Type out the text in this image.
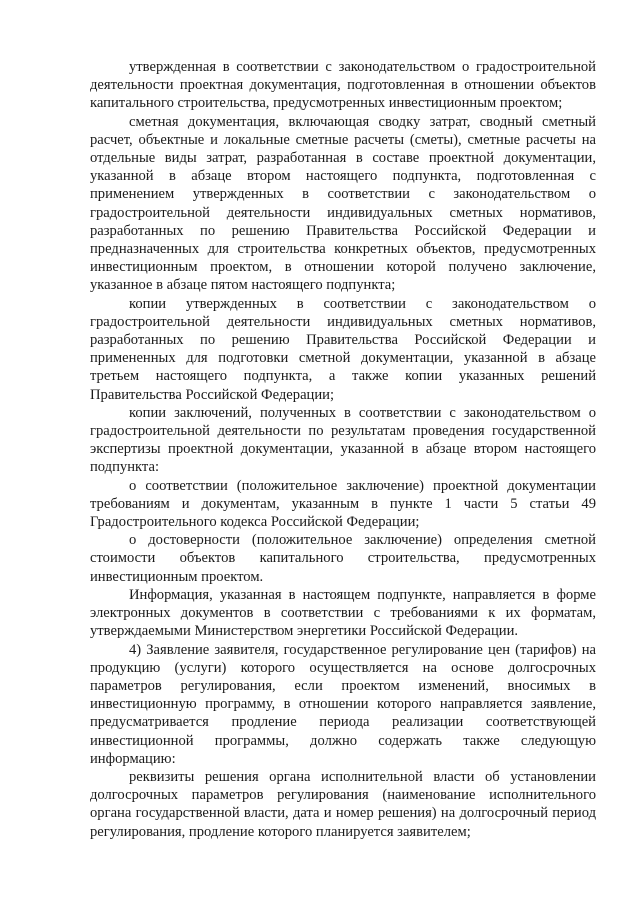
утвержденная в соответствии с законодательством о градостроительной деятельности проектная документация, подготовленная в отношении объектов капитального строительства, предусмотренных инвестиционным проектом;

сметная документация, включающая сводку затрат, сводный сметный расчет, объектные и локальные сметные расчеты (сметы), сметные расчеты на отдельные виды затрат, разработанная в составе проектной документации, указанной в абзаце втором настоящего подпункта, подготовленная с применением утвержденных в соответствии с законодательством о градостроительной деятельности индивидуальных сметных нормативов, разработанных по решению Правительства Российской Федерации и предназначенных для строительства конкретных объектов, предусмотренных инвестиционным проектом, в отношении которой получено заключение, указанное в абзаце пятом настоящего подпункта;

копии утвержденных в соответствии с законодательством о градостроительной деятельности индивидуальных сметных нормативов, разработанных по решению Правительства Российской Федерации и примененных для подготовки сметной документации, указанной в абзаце третьем настоящего подпункта, а также копии указанных решений Правительства Российской Федерации;

копии заключений, полученных в соответствии с законодательством о градостроительной деятельности по результатам проведения государственной экспертизы проектной документации, указанной в абзаце втором настоящего подпункта:

о соответствии (положительное заключение) проектной документации требованиям и документам, указанным в пункте 1 части 5 статьи 49 Градостроительного кодекса Российской Федерации;

о достоверности (положительное заключение) определения сметной стоимости объектов капитального строительства, предусмотренных инвестиционным проектом.

Информация, указанная в настоящем подпункте, направляется в форме электронных документов в соответствии с требованиями к их форматам, утверждаемыми Министерством энергетики Российской Федерации.

4) Заявление заявителя, государственное регулирование цен (тарифов) на продукцию (услуги) которого осуществляется на основе долгосрочных параметров регулирования, если проектом изменений, вносимых в инвестиционную программу, в отношении которого направляется заявление, предусматривается продление периода реализации соответствующей инвестиционной программы, должно содержать также следующую информацию:

реквизиты решения органа исполнительной власти об установлении долгосрочных параметров регулирования (наименование исполнительного органа государственной власти, дата и номер решения) на долгосрочный период регулирования, продление которого планируется заявителем;
